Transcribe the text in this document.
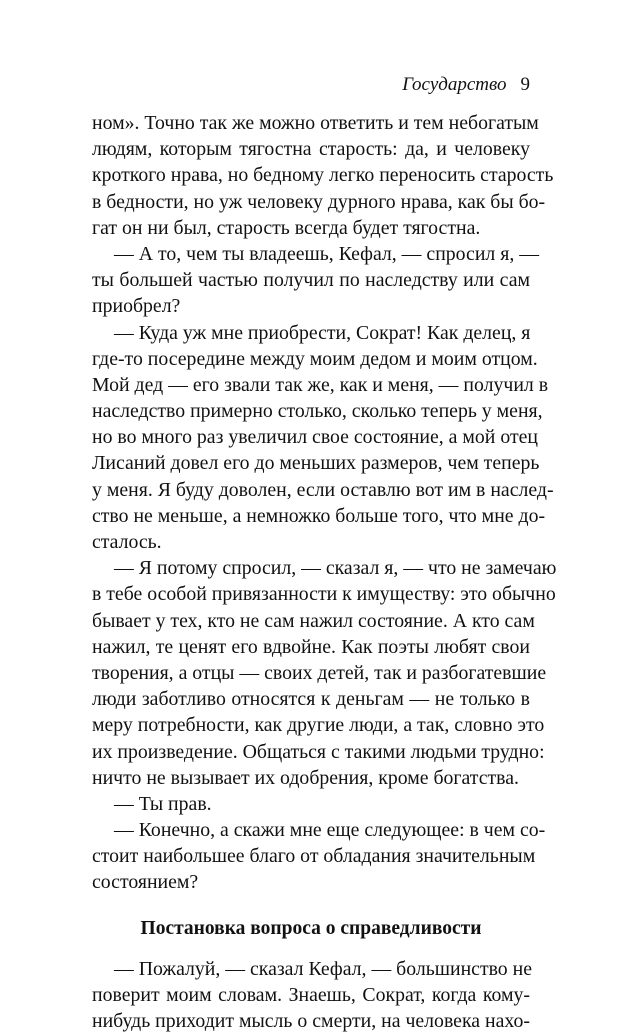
Государство 9
ном». Точно так же можно ответить и тем небогатым
людям, которым тягостна старость: да, и человеку
кроткого нрава, но бедному легко переносить старость
в бедности, но уж человеку дурного нрава, как бы бо-
гат он ни был, старость всегда будет тягостна.
— А то, чем ты владеешь, Кефал, — спросил я, —
ты большей частью получил по наследству или сам
приобрел?
— Куда уж мне приобрести, Сократ! Как делец, я
где-то посередине между моим дедом и моим отцом.
Мой дед — его звали так же, как и меня, — получил в
наследство примерно столько, сколько теперь у меня,
но во много раз увеличил свое состояние, а мой отец
Лисаний довел его до меньших размеров, чем теперь
у меня. Я буду доволен, если оставлю вот им в наслед-
ство не меньше, а немножко больше того, что мне до-
сталось.
— Я потому спросил, — сказал я, — что не замечаю
в тебе особой привязанности к имуществу: это обычно
бывает у тех, кто не сам нажил состояние. А кто сам
нажил, те ценят его вдвойне. Как поэты любят свои
творения, а отцы — своих детей, так и разбогатевшие
люди заботливо относятся к деньгам — не только в
меру потребности, как другие люди, а так, словно это
их произведение. Общаться с такими людьми трудно:
ничто не вызывает их одобрения, кроме богатства.
— Ты прав.
— Конечно, а скажи мне еще следующее: в чем со-
стоит наибольшее благо от обладания значительным
состоянием?
Постановка вопроса о справедливости
— Пожалуй, — сказал Кефал, — большинство не
поверит моим словам. Знаешь, Сократ, когда кому-
нибудь приходит мысль о смерти, на человека нахо-
